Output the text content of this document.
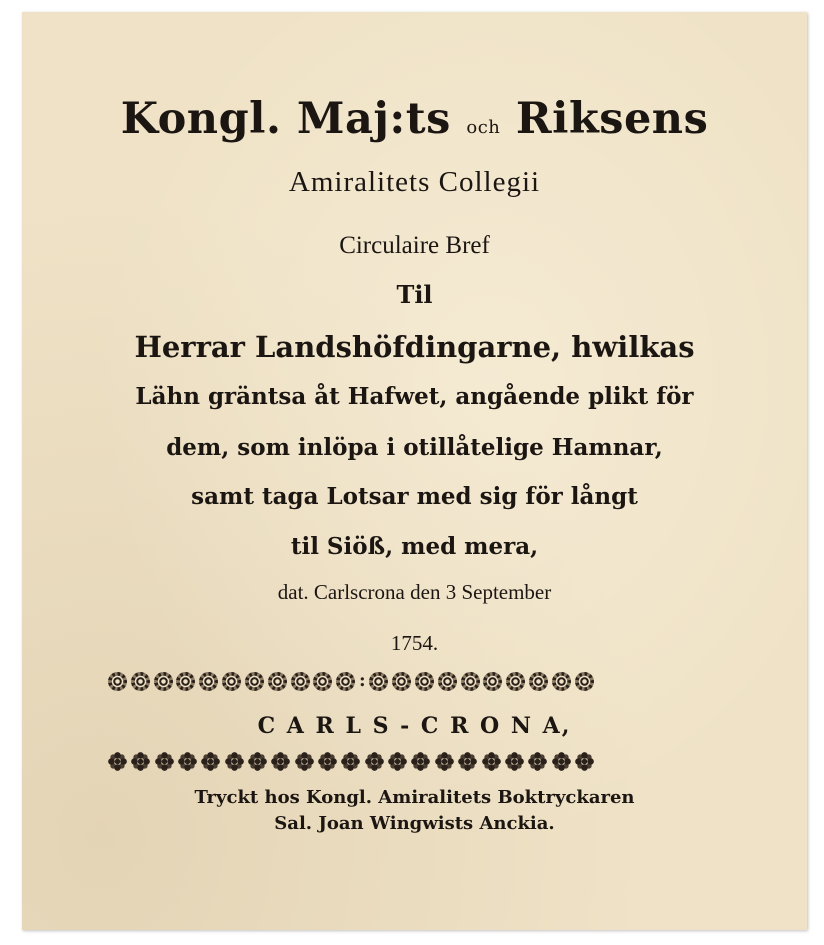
Kongl. Maj:ts och Riksens
Amiralitets Collegii
Circulaire Bref
Til
Herrar Landshöfdingarne, hwilkas
Lähn gräntsa åt Hafwet, angående plikt för
dem, som inlöpa i otillåtelige Hamnar,
samt taga Lotsar med sig för långt
til Siöß, med mera,
dat. Carlscrona den 3 September
1754.
:
C A R L S - C R O N A,
Tryckt hos Kongl. Amiralitets Boktryckaren
Sal. Joan Wingwists Anckia.
